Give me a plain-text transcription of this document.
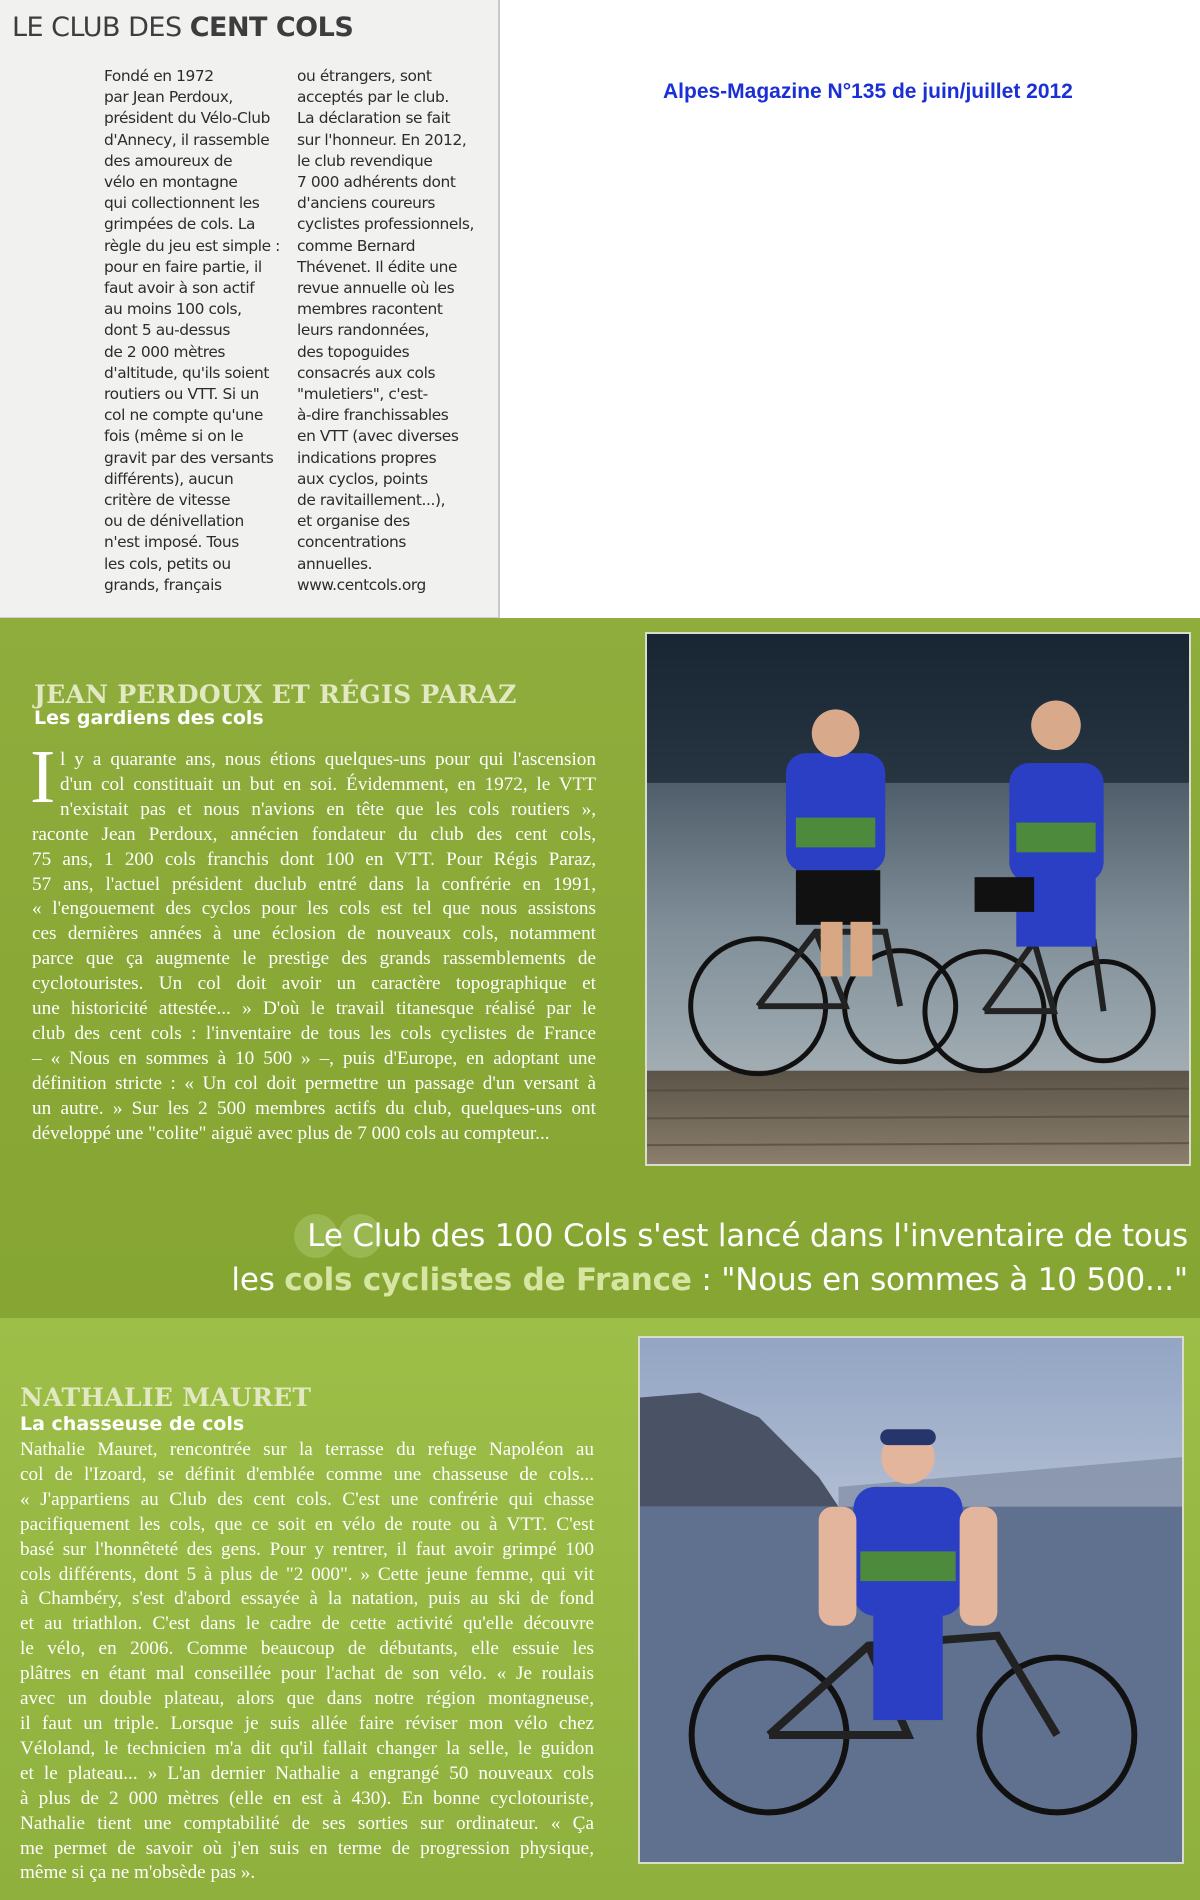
LE CLUB DES CENT COLS
Fondé en 1972
par Jean Perdoux,
président du Vélo-Club
d'Annecy, il rassemble
des amoureux de
vélo en montagne
qui collectionnent les
grimpées de cols. La
règle du jeu est simple :
pour en faire partie, il
faut avoir à son actif
au moins 100 cols,
dont 5 au-dessus
de 2 000 mètres
d'altitude, qu'ils soient
routiers ou VTT. Si un
col ne compte qu'une
fois (même si on le
gravit par des versants
différents), aucun
critère de vitesse
ou de dénivellation
n'est imposé. Tous
les cols, petits ou
grands, français
ou étrangers, sont
acceptés par le club.
La déclaration se fait
sur l'honneur. En 2012,
le club revendique
7 000 adhérents dont
d'anciens coureurs
cyclistes professionnels,
comme Bernard
Thévenet. Il édite une
revue annuelle où les
membres racontent
leurs randonnées,
des topoguides
consacrés aux cols
"muletiers", c'est-
à-dire franchissables
en VTT (avec diverses
indications propres
aux cyclos, points
de ravitaillement...),
et organise des
concentrations
annuelles.
www.centcols.org
Alpes-Magazine N°135 de juin/juillet 2012
JEAN PERDOUX ET RÉGIS PARAZ
Les gardiens des cols
I l y a quarante ans, nous étions quelques-uns pour qui l'ascension
d'un col constituait un but en soi. Évidemment, en 1972, le VTT
n'existait pas et nous n'avions en tête que les cols routiers »,
raconte Jean Perdoux, annécien fondateur du club des cent cols,
75 ans, 1 200 cols franchis dont 100 en VTT. Pour Régis Paraz,
57 ans, l'actuel président duclub entré dans la confrérie en 1991,
« l'engouement des cyclos pour les cols est tel que nous assistons
ces dernières années à une éclosion de nouveaux cols, notamment
parce que ça augmente le prestige des grands rassemblements de
cyclotouristes. Un col doit avoir un caractère topographique et
une historicité attestée... » D'où le travail titanesque réalisé par le
club des cent cols : l'inventaire de tous les cols cyclistes de France
– « Nous en sommes à 10 500 » –, puis d'Europe, en adoptant une
définition stricte : « Un col doit permettre un passage d'un versant à
un autre. » Sur les 2 500 membres actifs du club, quelques-uns ont
développé une "colite" aiguë avec plus de 7 000 cols au compteur...
Le Club des 100 Cols s'est lancé dans l'inventaire de tous
les cols cyclistes de France : "Nous en sommes à 10 500..."
NATHALIE MAURET
La chasseuse de cols
Nathalie Mauret, rencontrée sur la terrasse du refuge Napoléon au
col de l'Izoard, se définit d'emblée comme une chasseuse de cols...
« J'appartiens au Club des cent cols. C'est une confrérie qui chasse
pacifiquement les cols, que ce soit en vélo de route ou à VTT. C'est
basé sur l'honnêteté des gens. Pour y rentrer, il faut avoir grimpé 100
cols différents, dont 5 à plus de "2 000". » Cette jeune femme, qui vit
à Chambéry, s'est d'abord essayée à la natation, puis au ski de fond
et au triathlon. C'est dans le cadre de cette activité qu'elle découvre
le vélo, en 2006. Comme beaucoup de débutants, elle essuie les
plâtres en étant mal conseillée pour l'achat de son vélo. « Je roulais
avec un double plateau, alors que dans notre région montagneuse,
il faut un triple. Lorsque je suis allée faire réviser mon vélo chez
Véloland, le technicien m'a dit qu'il fallait changer la selle, le guidon
et le plateau... » L'an dernier Nathalie a engrangé 50 nouveaux cols
à plus de 2 000 mètres (elle en est à 430). En bonne cyclotouriste,
Nathalie tient une comptabilité de ses sorties sur ordinateur. « Ça
me permet de savoir où j'en suis en terme de progression physique,
même si ça ne m'obsède pas ».
